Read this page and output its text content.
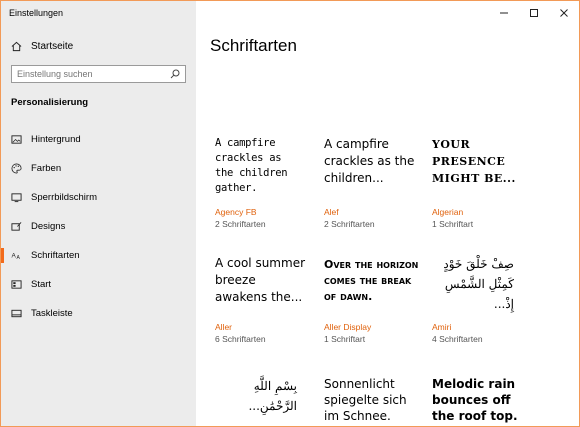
Einstellungen
Startseite
Einstellung suchen
Personalisierung
Hintergrund
Farben
Sperrbildschirm
Designs
A A Schriftarten
Start
Taskleiste
Schriftarten
A campfire crackles as the children gather.
Agency FB
2 Schriftarten
A campfire crackles as the children...
Alef
2 Schriftarten
YOUR PRESENCE MIGHT BE...
Algerian
1 Schriftart
A cool summer breeze awakens the...
Aller
6 Schriftarten
Over the horizon comes the break of dawn.
Aller Display
1 Schriftart
صِفْ خَلْقَ خَوْدٍ كَمِثْلِ الشَّمْسِ إِذْ...
Amiri
4 Schriftarten
بِسْمِ اللَّهِ الرَّحْمَٰنِ...
Sonnenlicht spiegelte sich im Schnee.
Melodic rain bounces off the roof top.
